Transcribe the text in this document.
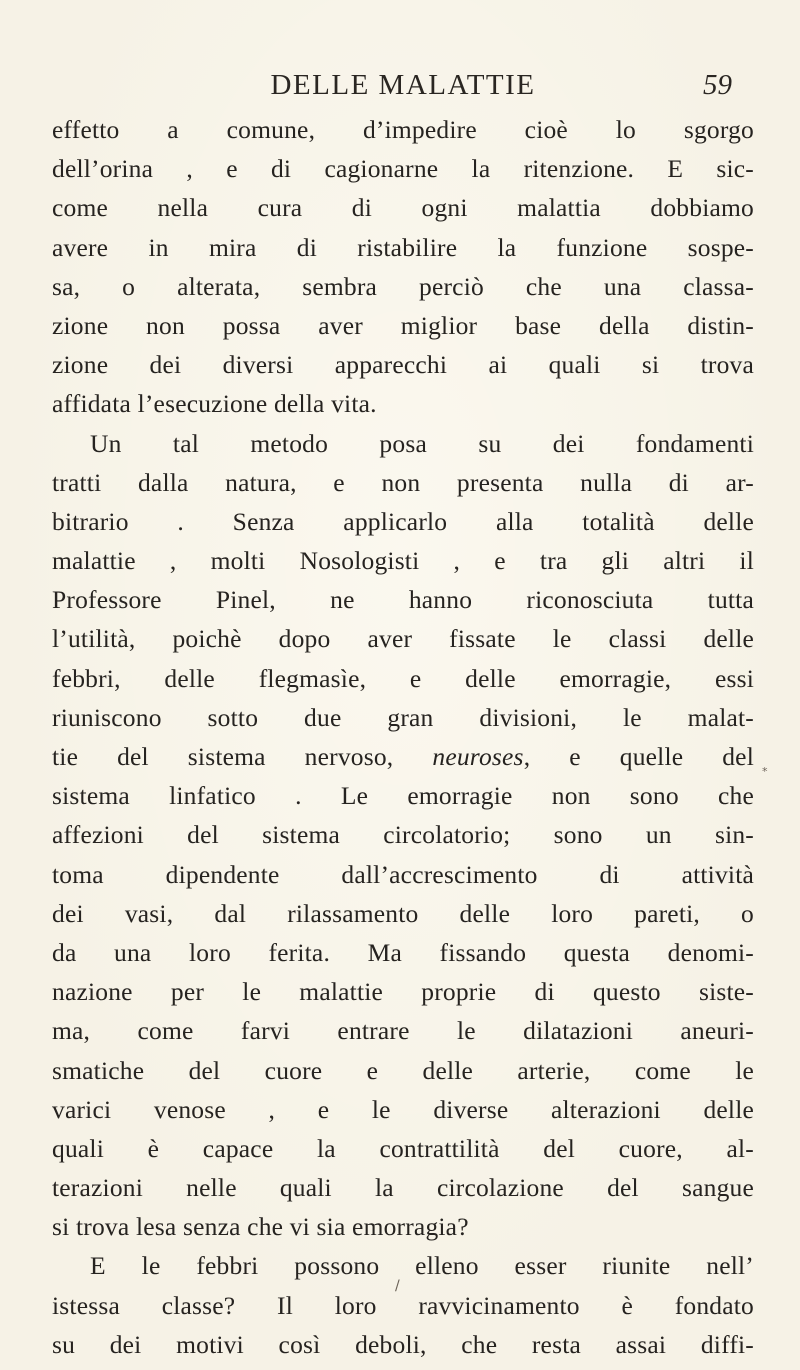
DELLE MALATTIE	59
effetto a comune, d’impedire cioè lo sgorgo
dell’orina , e di cagionarne la ritenzione. E sic-
come nella cura di ogni malattia dobbiamo
avere in mira di ristabilire la funzione sospe-
sa, o alterata, sembra perciò che una classa-
zione non possa aver miglior base della distin-
zione dei diversi apparecchi ai quali si trova
affidata l’esecuzione della vita.
Un tal metodo posa su dei fondamenti
tratti dalla natura, e non presenta nulla di ar-
bitrario . Senza applicarlo alla totalità delle
malattie , molti Nosologisti , e tra gli altri il
Professore Pinel, ne hanno riconosciuta tutta
l’utilità, poichè dopo aver fissate le classi delle
febbri, delle flegmasìe, e delle emorragie, essi
riuniscono sotto due gran divisioni, le malat-
tie del sistema nervoso, neuroses, e quelle del
sistema linfatico . Le emorragie non sono che
affezioni del sistema circolatorio; sono un sin-
toma dipendente dall’accrescimento di attività
dei vasi, dal rilassamento delle loro pareti, o
da una loro ferita. Ma fissando questa denomi-
nazione per le malattie proprie di questo siste-
ma, come farvi entrare le dilatazioni aneuri-
smatiche del cuore e delle arterie, come le
varici venose , e le diverse alterazioni delle
quali è capace la contrattilità del cuore, al-
terazioni nelle quali la circolazione del sangue
si trova lesa senza che vi sia emorragia?
E le febbri possono elleno esser riunite nell’
istessa classe? Il loro ravvicinamento è fondato
su dei motivi così deboli, che resta assai diffi-
*
/
